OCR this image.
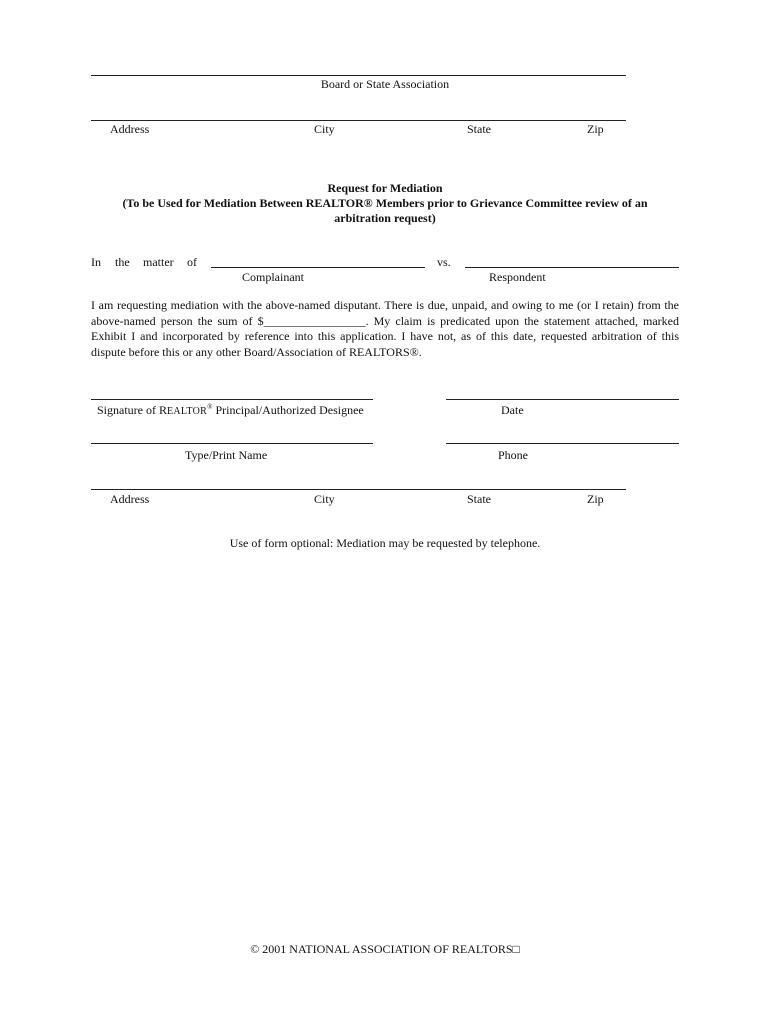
Board or State Association
Address	City	State	Zip
Request for Mediation
(To be Used for Mediation Between REALTOR® Members prior to Grievance Committee review of an
arbitration request)
In the matter of	vs.
Complainant	Respondent
I am requesting mediation with the above-named disputant. There is due, unpaid, and owing to me (or I retain) from the above-named person the sum of $_________________. My claim is predicated upon the statement attached, marked Exhibit I and incorporated by reference into this application. I have not, as of this date, requested arbitration of this dispute before this or any other Board/Association of REALTORS®.
Signature of REALTOR® Principal/Authorized Designee	Date
Type/Print Name	Phone
Address	City	State	Zip
Use of form optional: Mediation may be requested by telephone.
© 2001 NATIONAL ASSOCIATION OF REALTORS□
